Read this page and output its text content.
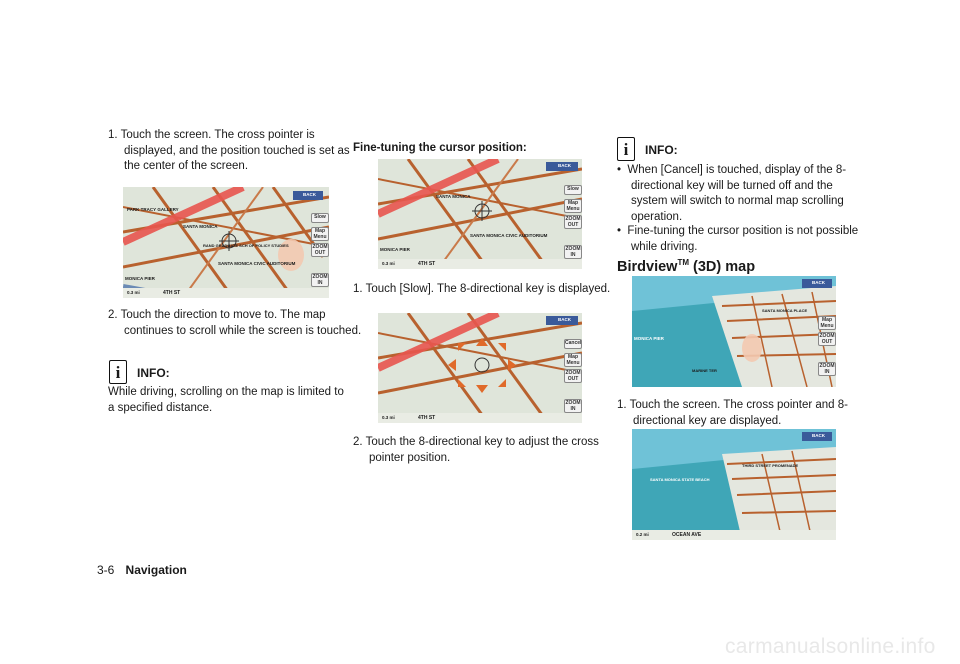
1. Touch the screen. The cross pointer is displayed, and the position touched is set as the center of the screen.
PARK TRACY GALLERY
SANTA MONICA
RAND GRADUATE SCH OF POLICY STUDIES
SANTA MONICA CIVIC AUDITORIUM
MONICA PIER
0.3 mi	4TH ST
BACK
Slow
Map Menu
ZOOM OUT
ZOOM IN
2. Touch the direction to move to. The map continues to scroll while the screen is touched.
i INFO:
While driving, scrolling on the map is limited to a specified distance.
Fine-tuning the cursor position:
SANTA MONICA
SANTA MONICA CIVIC AUDITORIUM
MONICA PIER
0.3 mi	4TH ST
BACK
Slow
Map Menu
ZOOM OUT
ZOOM IN
1. Touch [Slow]. The 8-directional key is displayed.
0.3 mi	4TH ST
BACK
Cancel
Map Menu
ZOOM OUT
ZOOM IN
2. Touch the 8-directional key to adjust the cross pointer position.
i INFO:
•  When [Cancel] is touched, display of the 8-directional key will be turned off and the system will switch to normal map scrolling operation.
•  Fine-tuning the cursor position is not possible while driving.
Birdview™ (3D) map
MONICA PIER
MARINE TER
SANTA MONICA PLACE
BACK
Map Menu
ZOOM OUT
ZOOM IN
1. Touch the screen. The cross pointer and 8-directional key are displayed.
SANTA MONICA STATE BEACH
THIRD STREET PROMENADE
0.2 mi	OCEAN AVE
BACK
3-6 Navigation
carmanualsonline.info
